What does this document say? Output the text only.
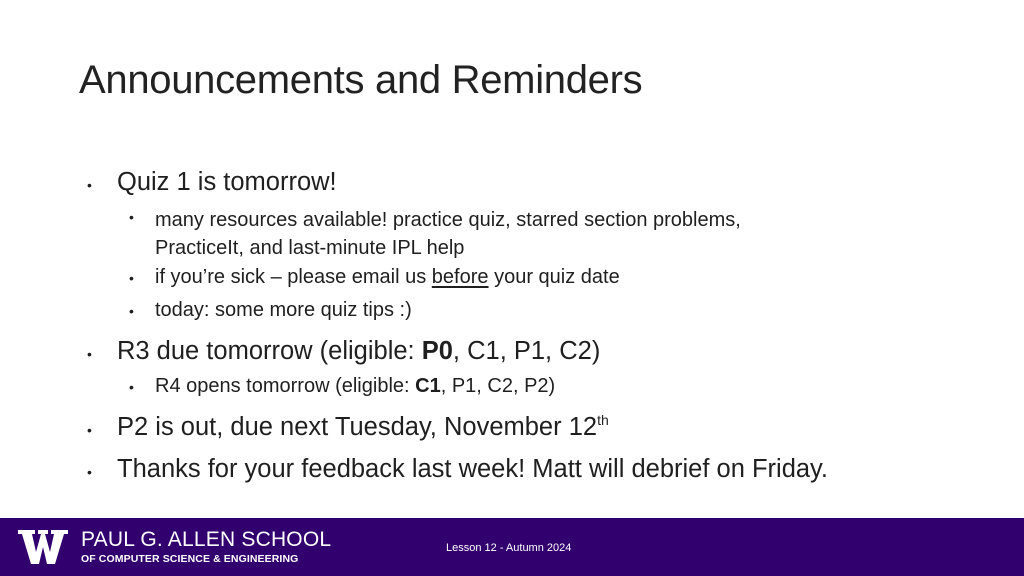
Announcements and Reminders
• Quiz 1 is tomorrow!
• many resources available! practice quiz, starred section problems,
PracticeIt, and last-minute IPL help
• if you’re sick – please email us before your quiz date
• today: some more quiz tips :)
• R3 due tomorrow (eligible: P0, C1, P1, C2)
• R4 opens tomorrow (eligible: C1, P1, C2, P2)
• P2 is out, due next Tuesday, November 12th
• Thanks for your feedback last week! Matt will debrief on Friday.
PAUL G. ALLEN SCHOOL
OF COMPUTER SCIENCE & ENGINEERING
Lesson 12 - Autumn 2024
